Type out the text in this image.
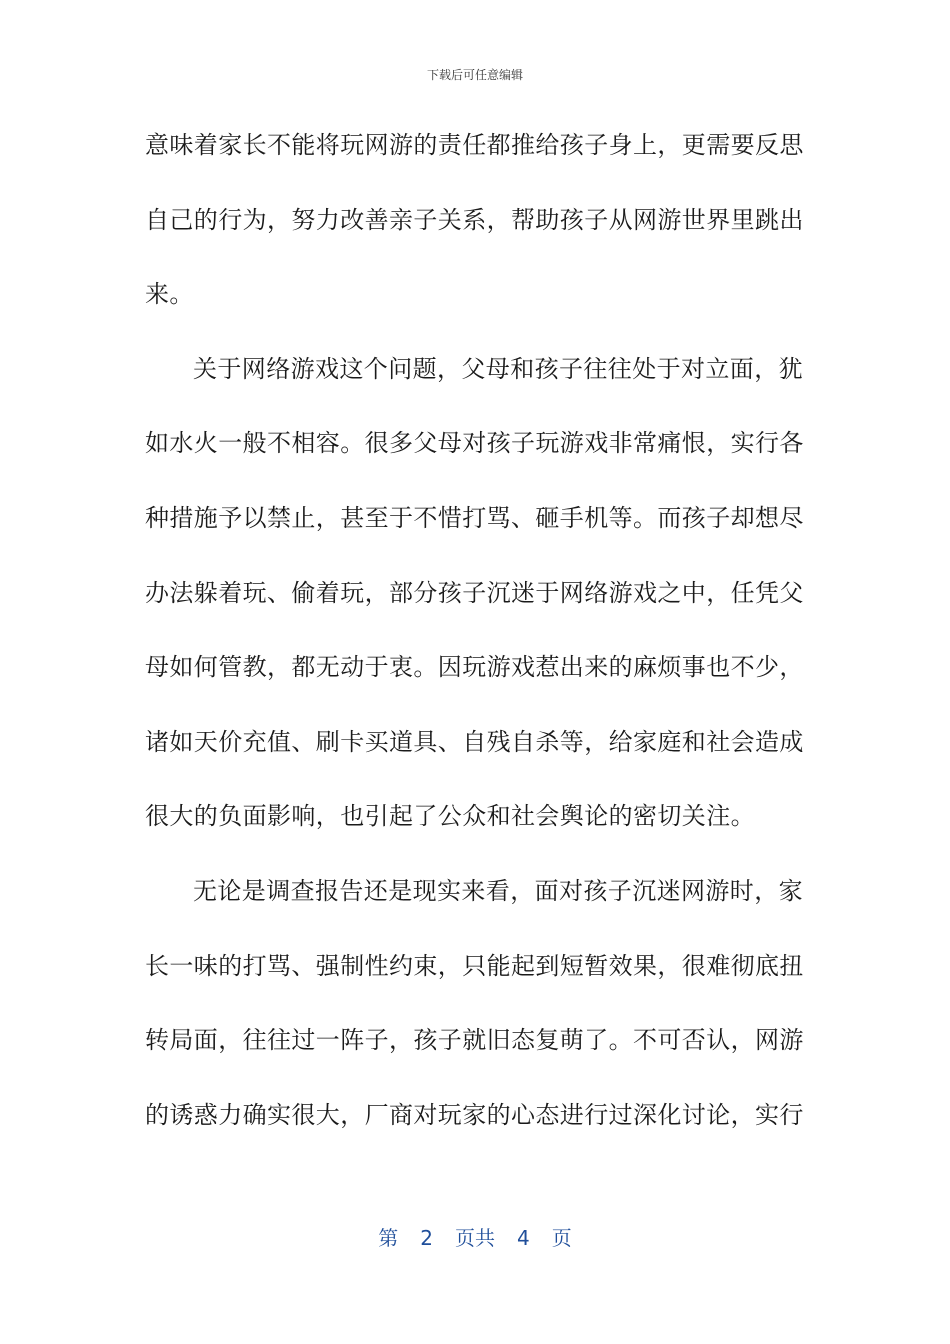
下载后可任意编辑
意味着家长不能将玩网游的责任都推给孩子身上，更需要反思
自己的行为，努力改善亲子关系，帮助孩子从网游世界里跳出
来。
关于网络游戏这个问题，父母和孩子往往处于对立面，犹
如水火一般不相容。很多父母对孩子玩游戏非常痛恨，实行各
种措施予以禁止，甚至于不惜打骂、砸手机等。而孩子却想尽
办法躲着玩、偷着玩，部分孩子沉迷于网络游戏之中，任凭父
母如何管教，都无动于衷。因玩游戏惹出来的麻烦事也不少，
诸如天价充值、刷卡买道具、自残自杀等，给家庭和社会造成
很大的负面影响，也引起了公众和社会舆论的密切关注。
无论是调查报告还是现实来看，面对孩子沉迷网游时，家
长一味的打骂、强制性约束，只能起到短暂效果，很难彻底扭
转局面，往往过一阵子，孩子就旧态复萌了。不可否认，网游
的诱惑力确实很大，厂商对玩家的心态进行过深化讨论，实行
第 2 页共 4 页
